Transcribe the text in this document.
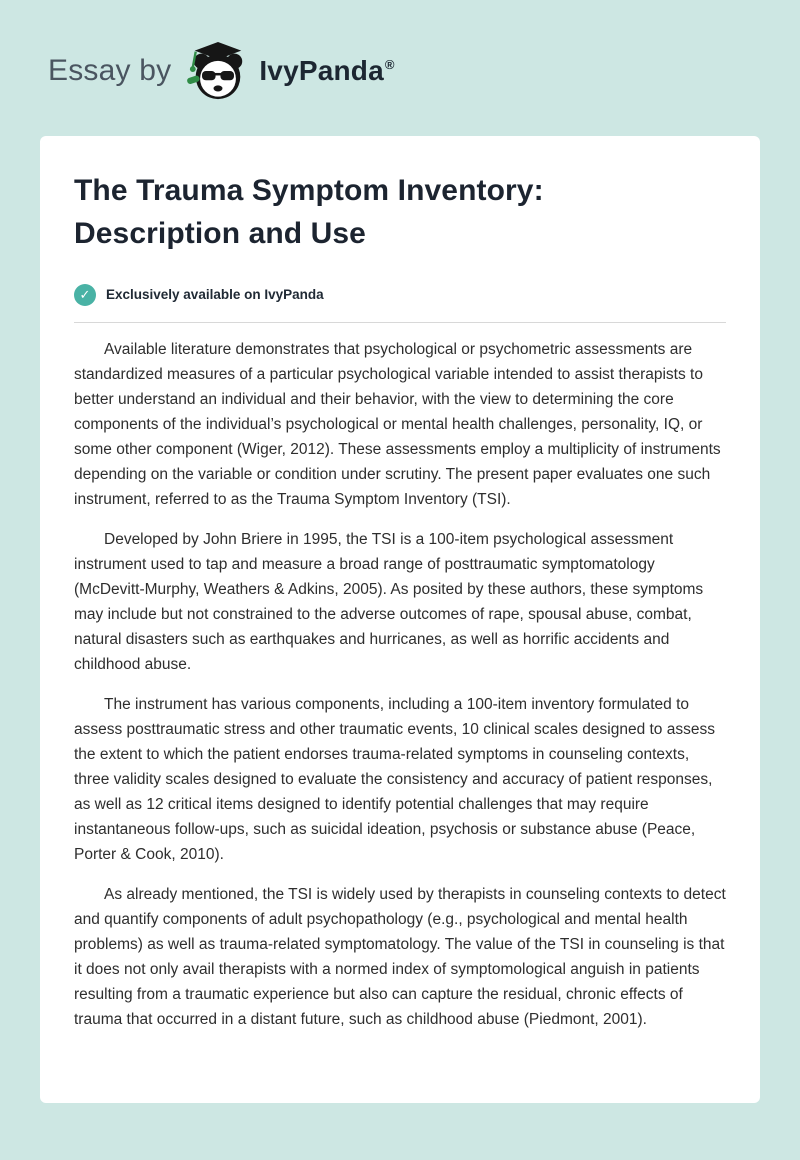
Essay by	IvyPanda®
The Trauma Symptom Inventory: Description and Use
✓	Exclusively available on IvyPanda

Available literature demonstrates that psychological or psychometric assessments are standardized measures of a particular psychological variable intended to assist therapists to better understand an individual and their behavior, with the view to determining the core components of the individual’s psychological or mental health challenges, personality, IQ, or some other component (Wiger, 2012). These assessments employ a multiplicity of instruments depending on the variable or condition under scrutiny. The present paper evaluates one such instrument, referred to as the Trauma Symptom Inventory (TSI).

Developed by John Briere in 1995, the TSI is a 100-item psychological assessment instrument used to tap and measure a broad range of posttraumatic symptomatology (McDevitt-Murphy, Weathers & Adkins, 2005). As posited by these authors, these symptoms may include but not constrained to the adverse outcomes of rape, spousal abuse, combat, natural disasters such as earthquakes and hurricanes, as well as horrific accidents and childhood abuse.

The instrument has various components, including a 100-item inventory formulated to assess posttraumatic stress and other traumatic events, 10 clinical scales designed to assess the extent to which the patient endorses trauma-related symptoms in counseling contexts, three validity scales designed to evaluate the consistency and accuracy of patient responses, as well as 12 critical items designed to identify potential challenges that may require instantaneous follow-ups, such as suicidal ideation, psychosis or substance abuse (Peace, Porter & Cook, 2010).

As already mentioned, the TSI is widely used by therapists in counseling contexts to detect and quantify components of adult psychopathology (e.g., psychological and mental health problems) as well as trauma-related symptomatology. The value of the TSI in counseling is that it does not only avail therapists with a normed index of symptomological anguish in patients resulting from a traumatic experience but also can capture the residual, chronic effects of trauma that occurred in a distant future, such as childhood abuse (Piedmont, 2001).
